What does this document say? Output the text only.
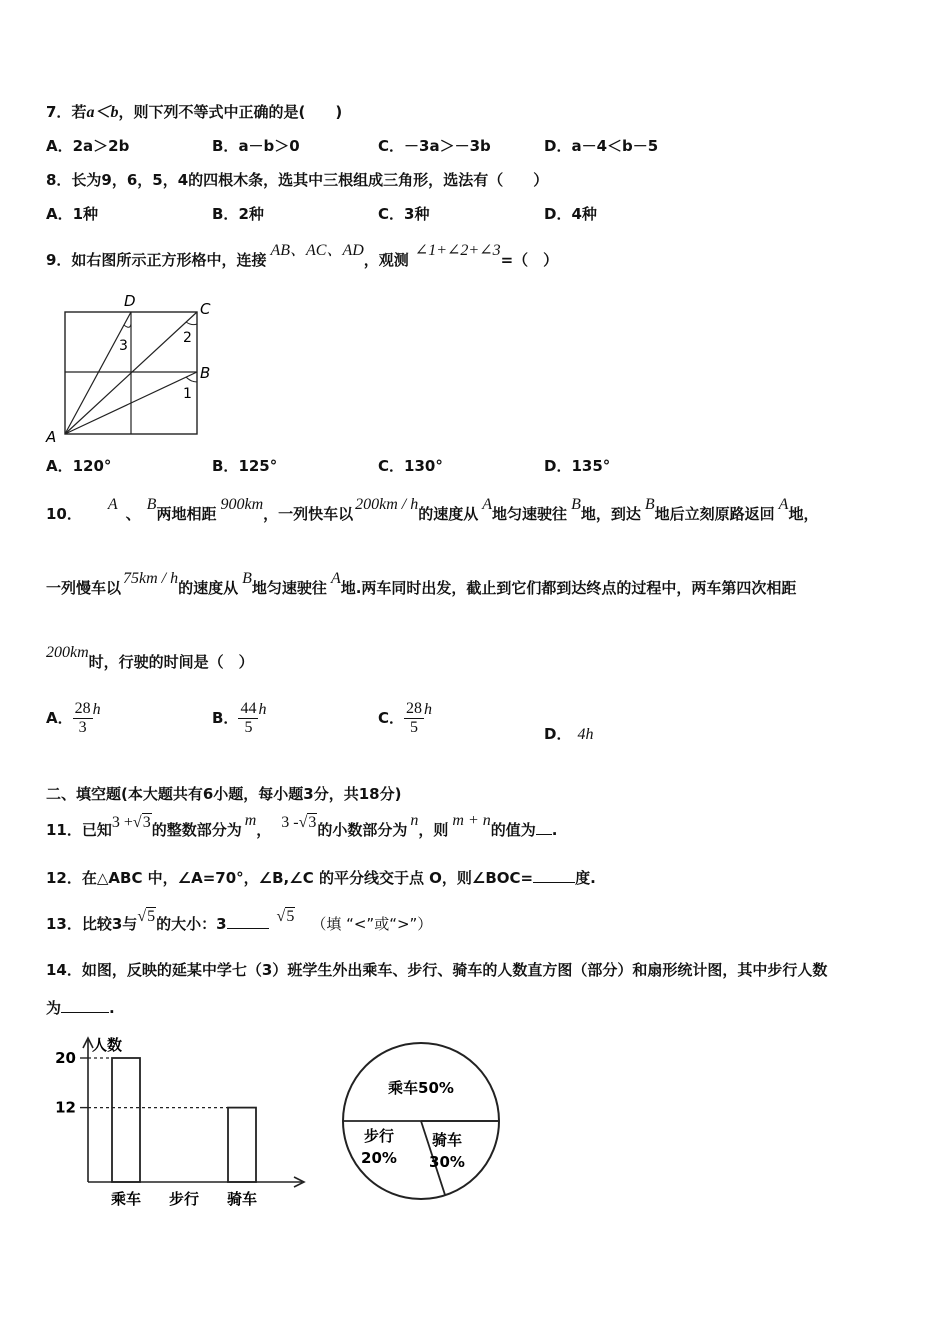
7．若a＜b，则下列不等式中正确的是(　　)
A．2a＞2b	B．a－b＞0	C．－3a＞－3b	D．a－4＜b－5
8．长为9，6，5，4的四根木条，选其中三根组成三角形，选法有（　　）
A．1种	B．2种	C．3种	D．4种
9．如右图所示正方形格中，连接AB、AC、AD，观测∠1+∠2+∠3=（　）
D	C
B
A
3	2
1
A．120°	B．125°	C．130°	D．135°
10．A、B两地相距900km，一列快车以200km / h的速度从A地匀速驶往B地，到达B地后立刻原路返回A地，
一列慢车以75km / h的速度从B地匀速驶往A地.两车同时出发，截止到它们都到达终点的过程中，两车第四次相距
200km时，行驶的时间是（　）
A． $\frac{28}{3}$ h	B． $\frac{44}{5}$ h	C． $\frac{28}{5}$ h
D． 4h
二、填空题(本大题共有6小题，每小题3分，共18分)
11．已知3 +√3的整数部分为m， 3 -√3的小数部分为n，则m + n的值为 .
12．在△ABC 中，∠A=70°，∠B,∠C 的平分线交于点 O，则∠BOC=	度.
13．比较3与√5的大小：3	√5 （填 “<”或“>”）
14．如图，反映的延某中学七（3）班学生外出乘车、步行、骑车的人数直方图（部分）和扇形统计图，其中步行人数
为	.
人数
12
20
乘车 步行 骑车
乘车50%
步行
20%
骑车
30%
